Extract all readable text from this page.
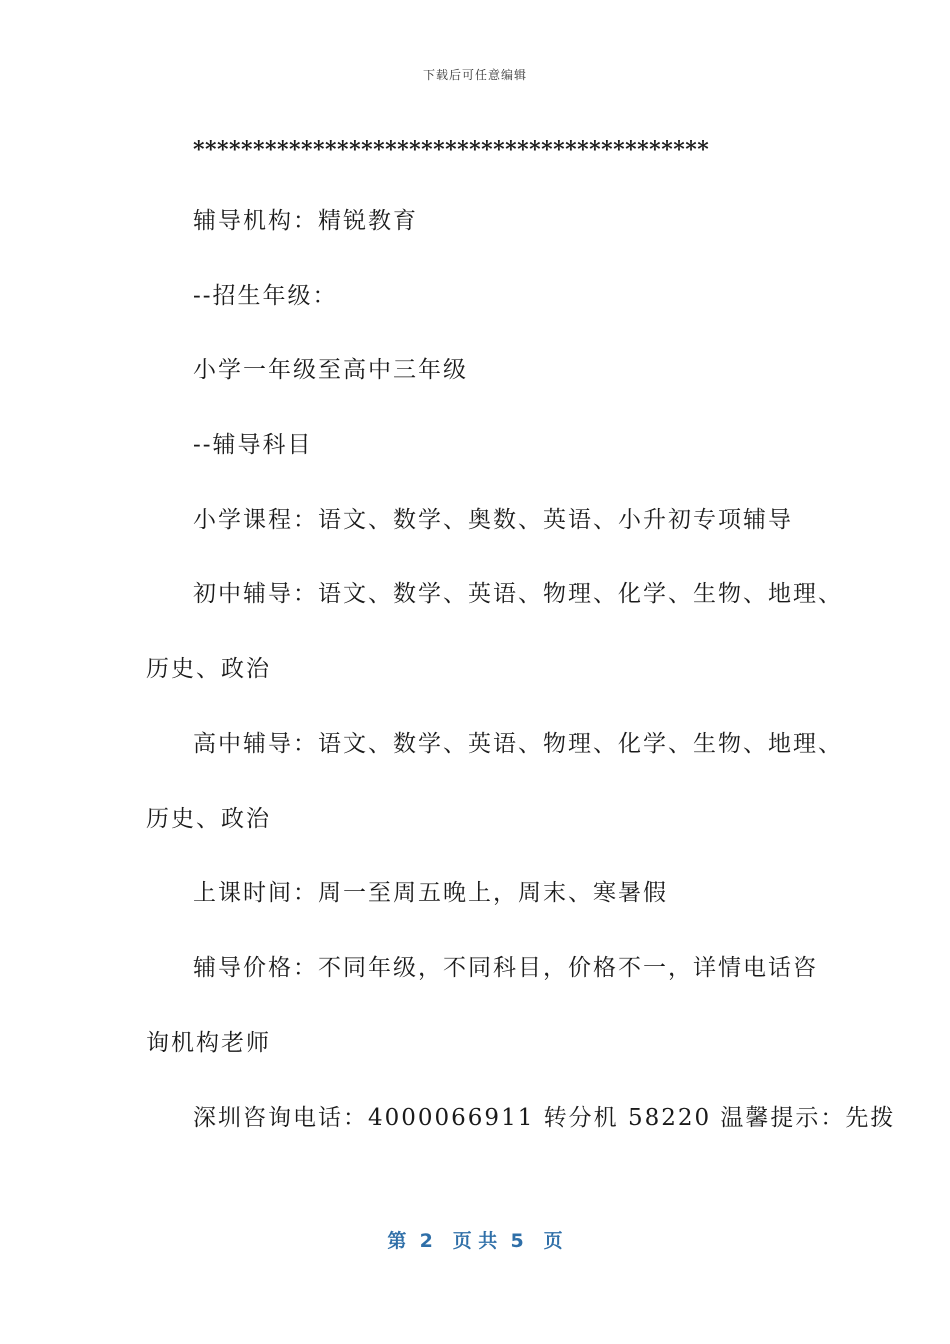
下载后可任意编辑
*******************************************
辅导机构：精锐教育
--招生年级：
小学一年级至高中三年级
--辅导科目
小学课程：语文、数学、奥数、英语、小升初专项辅导
初中辅导：语文、数学、英语、物理、化学、生物、地理、
历史、政治
高中辅导：语文、数学、英语、物理、化学、生物、地理、
历史、政治
上课时间：周一至周五晚上，周末、寒暑假
辅导价格：不同年级，不同科目，价格不一，详情电话咨
询机构老师
深圳咨询电话：4000066911 转分机 58220 温馨提示：先拨
第 2 页 共 5 页
